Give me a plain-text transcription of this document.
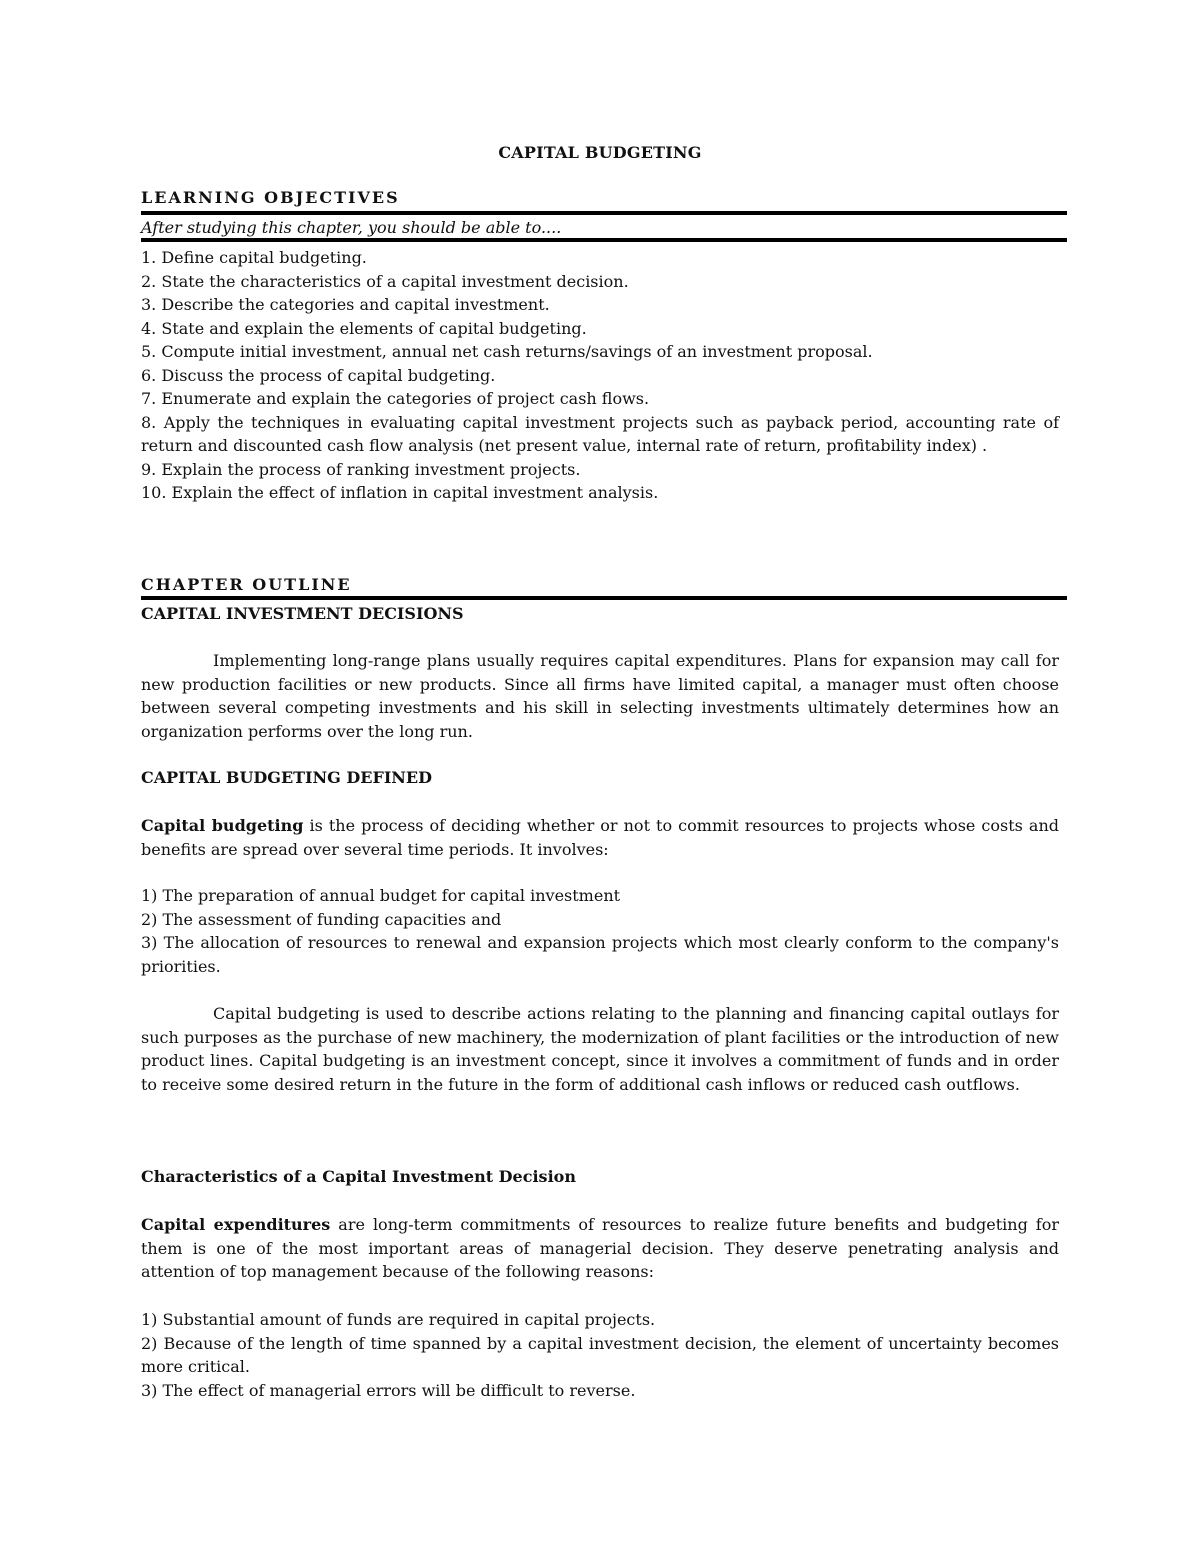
CAPITAL BUDGETING
LEARNING OBJECTIVES
After studying this chapter, you should be able to....
1. Define capital budgeting.
2. State the characteristics of a capital investment decision.
3. Describe the categories and capital investment.
4. State and explain the elements of capital budgeting.
5. Compute initial investment, annual net cash returns/savings of an investment proposal.
6. Discuss the process of capital budgeting.
7. Enumerate and explain the categories of project cash flows.
8. Apply the techniques in evaluating capital investment projects such as payback period, accounting rate of return and discounted cash flow analysis (net present value, internal rate of return, profitability index) .
9. Explain the process of ranking investment projects.
10. Explain the effect of inflation in capital investment analysis.
CHAPTER OUTLINE
CAPITAL INVESTMENT DECISIONS

Implementing long-range plans usually requires capital expenditures. Plans for expansion may call for new production facilities or new products. Since all firms have limited capital, a manager must often choose between several competing investments and his skill in selecting investments ultimately determines how an organization performs over the long run.

CAPITAL BUDGETING DEFINED

Capital budgeting is the process of deciding whether or not to commit resources to projects whose costs and benefits are spread over several time periods. It involves:

1) The preparation of annual budget for capital investment
2) The assessment of funding capacities and
3) The allocation of resources to renewal and expansion projects which most clearly conform to the company's priorities.

Capital budgeting is used to describe actions relating to the planning and financing capital outlays for such purposes as the purchase of new machinery, the modernization of plant facilities or the introduction of new product lines. Capital budgeting is an investment concept, since it involves a commitment of funds and in order to receive some desired return in the future in the form of additional cash inflows or reduced cash outflows.

Characteristics of a Capital Investment Decision

Capital expenditures are long-term commitments of resources to realize future benefits and budgeting for them is one of the most important areas of managerial decision. They deserve penetrating analysis and attention of top management because of the following reasons:

1) Substantial amount of funds are required in capital projects.
2) Because of the length of time spanned by a capital investment decision, the element of uncertainty becomes more critical.
3) The effect of managerial errors will be difficult to reverse.
